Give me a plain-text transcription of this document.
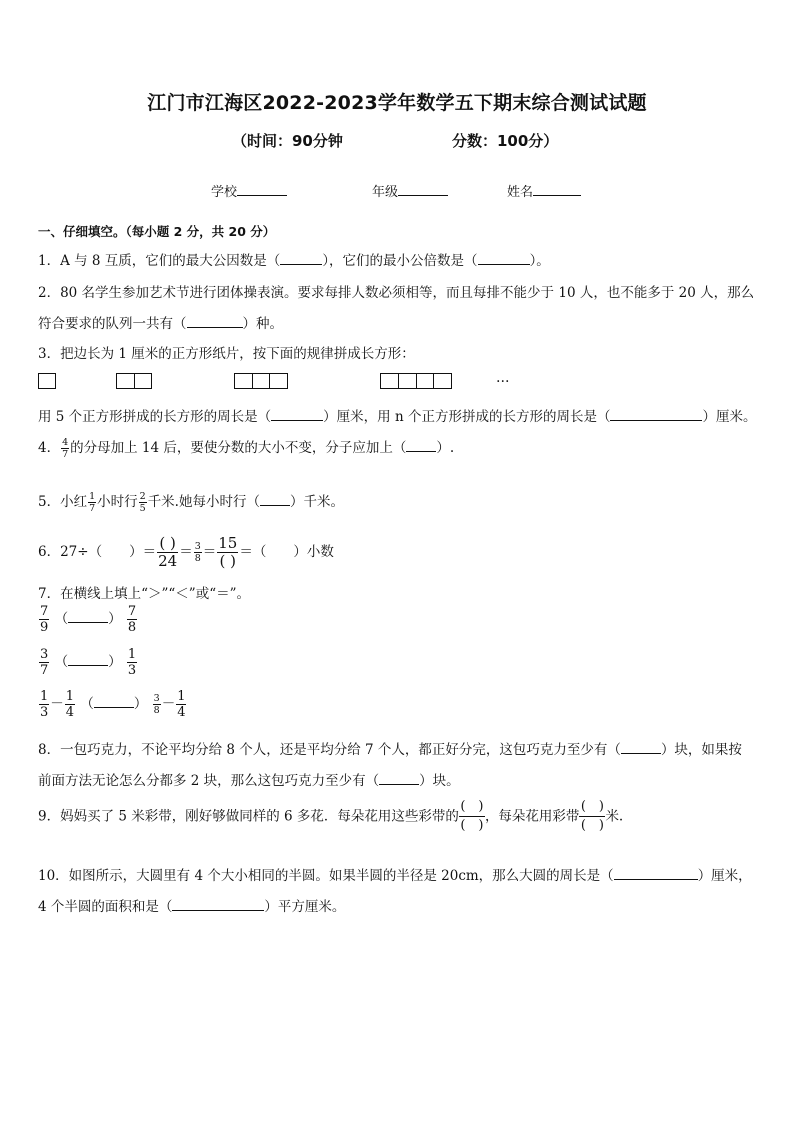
江门市江海区2022-2023学年数学五下期末综合测试试题
（时间：90分钟	分数：100分）
学校	年级	姓名
一、仔细填空。（每小题 2 分，共 20 分）
1．A 与 8 互质，它们的最大公因数是（	），它们的最小公倍数是（	）。
2．80 名学生参加艺术节进行团体操表演。要求每排人数必须相等，而且每排不能少于 10 人，也不能多于 20 人，那么
符合要求的队列一共有（	）种。
3．把边长为 1 厘米的正方形纸片，按下面的规律拼成长方形：
…
用 5 个正方形拼成的长方形的周长是（	）厘米，用 n 个正方形拼成的长方形的周长是（	）厘米。
4． $\frac{4}{7}$ 的分母加上 14 后，要使分数的大小不变，分子应加上（ ）.
5．小红 $\frac{1}{7}$ 小时行 $\frac{2}{5}$ 千米.她每小时行（ ）千米。
6．27÷（　　）＝ $\frac{( )}{24} = \frac{3}{8} = \frac{15}{( )}$ ＝（　　）小数
7．在横线上填上“＞”“＜”或“＝”。
$\frac{7}{9}$ （	） $\frac{7}{8}$
$\frac{3}{7}$ （	） $\frac{1}{3}$
$\frac{1}{3} - \frac{1}{4}$ （	） $\frac{3}{8} - \frac{1}{4}$
8．一包巧克力，不论平均分给 8 个人，还是平均分给 7 个人，都正好分完，这包巧克力至少有（	）块，如果按
前面方法无论怎么分都多 2 块，那么这包巧克力至少有（	）块。
9．妈妈买了 5 米彩带，刚好够做同样的 6 多花．每朵花用这些彩带的 $\frac{( )}{( )}$ ，每朵花用彩带 $\frac{( )}{( )}$ 米.
10．如图所示，大圆里有 4 个大小相同的半圆。如果半圆的半径是 20cm，那么大圆的周长是（	）厘米，
4 个半圆的面积和是（	）平方厘米。
